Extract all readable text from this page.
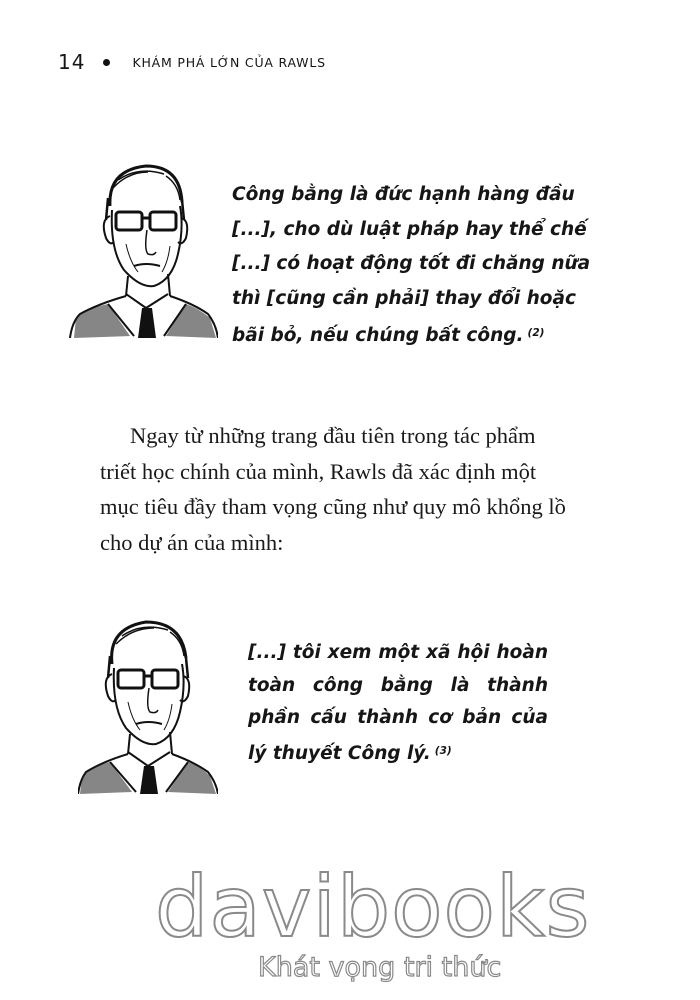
14	KHÁM PHÁ LỚN CỦA RAWLS
Công bằng là đức hạnh hàng đầu
[...], cho dù luật pháp hay thể chế
[...] có hoạt động tốt đi chăng nữa
thì [cũng cần phải] thay đổi hoặc
bãi bỏ, nếu chúng bất công. $^{(2)}$
Ngay từ những trang đầu tiên trong tác phẩm
triết học chính của mình, Rawls đã xác định một
mục tiêu đầy tham vọng cũng như quy mô khổng lồ
cho dự án của mình:
[...] tôi xem một xã hội hoàn
toàn công bằng là thành
phần cấu thành cơ bản của
lý thuyết Công lý. $^{(3)}$
davibooks
Khát vọng tri thức
